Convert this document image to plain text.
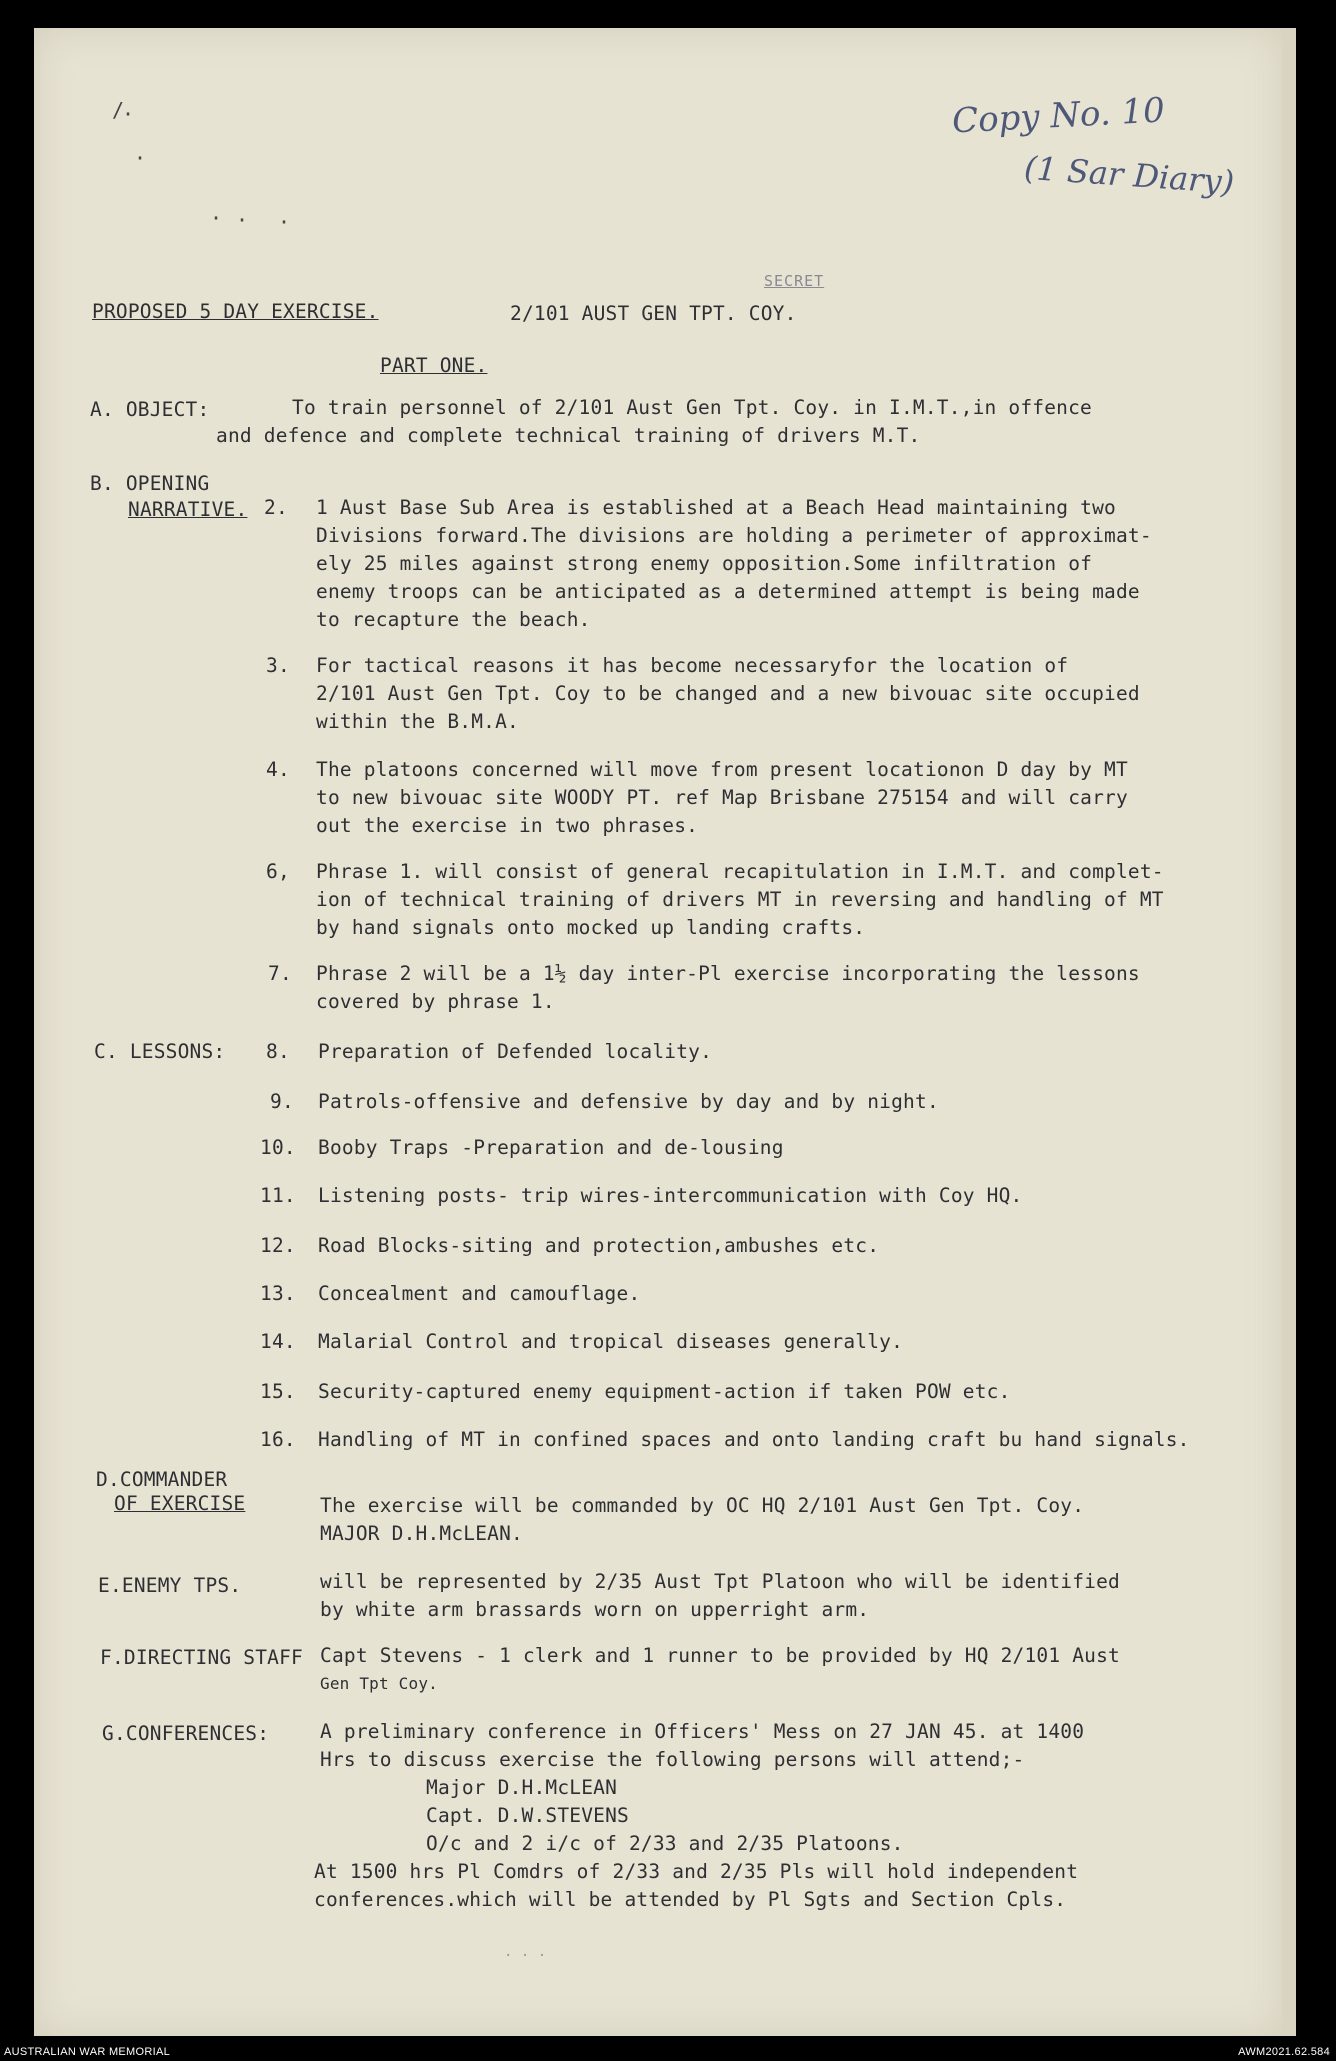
Copy No. 10
(1 Sar Diary)
/
·
·
· · ·
PROPOSED 5 DAY EXERCISE.	2/101 AUST GEN TPT. COY.
SECRET
PART ONE.
A. OBJECT:	To train personnel of 2/101 Aust Gen Tpt. Coy. in I.M.T.,in offence
and defence and complete technical training of drivers M.T.
B. OPENING
NARRATIVE. 2. 1 Aust Base Sub Area is established at a Beach Head maintaining two
Divisions forward.The divisions are holding a perimeter of approximat-
ely 25 miles against strong enemy opposition.Some infiltration of
enemy troops can be anticipated as a determined attempt is being made
to recapture the beach.
3. For tactical reasons it has become necessaryfor the location of
2/101 Aust Gen Tpt. Coy to be changed and a new bivouac site occupied
within the B.M.A.
4. The platoons concerned will move from present locationon D day by MT
to new bivouac site WOODY PT. ref Map Brisbane 275154 and will carry
out the exercise in two phrases.
6, Phrase 1. will consist of general recapitulation in I.M.T. and complet-
ion of technical training of drivers MT in reversing and handling of MT
by hand signals onto mocked up landing crafts.
7. Phrase 2 will be a 1½ day inter-Pl exercise incorporating the lessons
covered by phrase 1.
C. LESSONS: 8. Preparation of Defended locality.
9. Patrols-offensive and defensive by day and by night.
10. Booby Traps -Preparation and de-lousing
11. Listening posts- trip wires-intercommunication with Coy HQ.
12. Road Blocks-siting and protection,ambushes etc.
13. Concealment and camouflage.
14. Malarial Control and tropical diseases generally.
15. Security-captured enemy equipment-action if taken POW etc.
16. Handling of MT in confined spaces and onto landing craft bu hand signals.
D.COMMANDER
OF EXERCISE	The exercise will be commanded by OC HQ 2/101 Aust Gen Tpt. Coy.
MAJOR D.H.McLEAN.
E.ENEMY TPS.	will be represented by 2/35 Aust Tpt Platoon who will be identified
by white arm brassards worn on upperright arm.
F.DIRECTING STAFF Capt Stevens - 1 clerk and 1 runner to be provided by HQ 2/101 Aust
Gen Tpt Coy.
G.CONFERENCES:	A preliminary conference in Officers' Mess on 27 JAN 45. at 1400
Hrs to discuss exercise the following persons will attend;-
Major D.H.McLEAN
Capt. D.W.STEVENS
O/c and 2 i/c of 2/33 and 2/35 Platoons.
At 1500 hrs Pl Comdrs of 2/33 and 2/35 Pls will hold independent
conferences.which will be attended by Pl Sgts and Section Cpls.
· · ·
AUSTRALIAN WAR MEMORIAL	AWM2021.62.584
